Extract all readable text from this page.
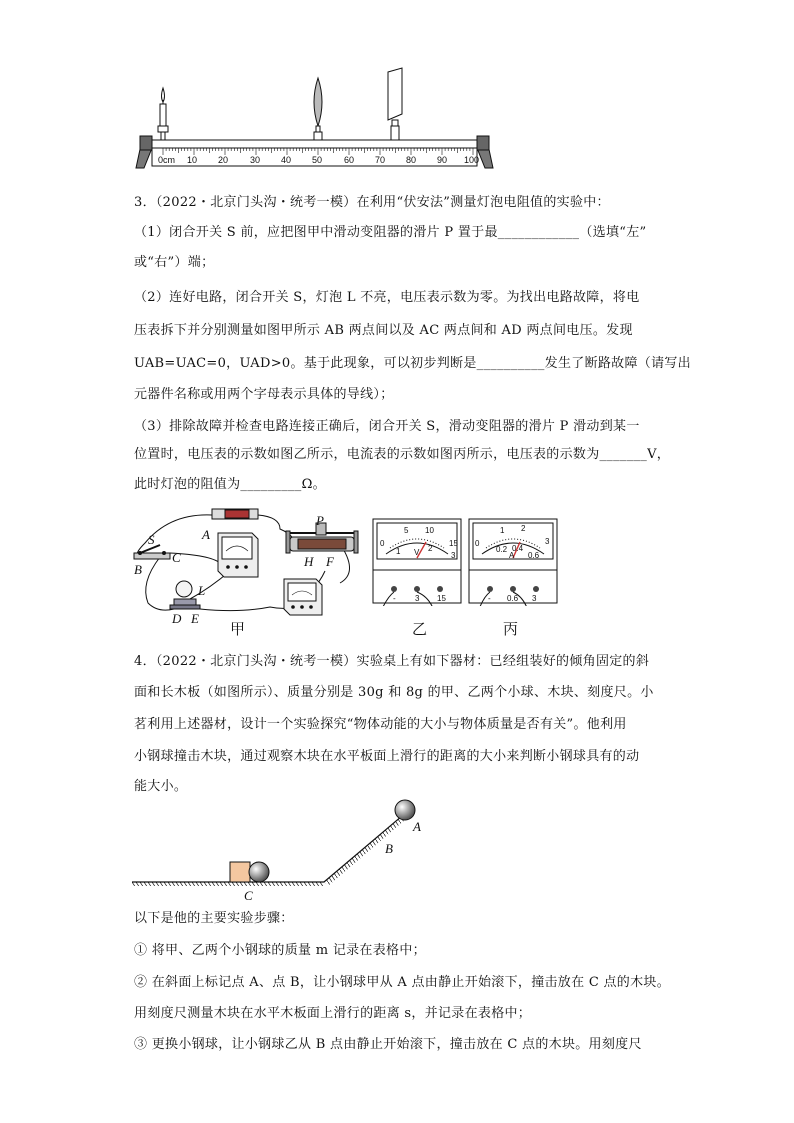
0cm 10 20 30 40 50 60 70 80 90 100
3．（2022・北京门头沟・统考一模）在利用“伏安法”测量灯泡电阻值的实验中：
（1）闭合开关 S 前，应把图甲中滑动变阻器的滑片 P 置于最____________（选填“左”
或“右”）端；
（2）连好电路，闭合开关 S，灯泡 L 不亮，电压表示数为零。为找出电路故障，将电
压表拆下并分别测量如图甲所示 AB 两点间以及 AC 两点间和 AD 两点间电压。发现
UAB=UAC=0，UAD>0。基于此现象，可以初步判断是__________发生了断路故障（请写出
元器件名称或用两个字母表示具体的导线）；
（3）排除故障并检查电路连接正确后，闭合开关 S，滑动变阻器的滑片 P 滑动到某一
位置时，电压表的示数如图乙所示，电流表的示数如图丙所示，电压表的示数为_______V，
此时灯泡的阻值为_________Ω。
A
B
C
S
L
D E
P
H F
甲
0
5 10
15
1	2
3
V
- 3 15
乙
0
1 2
3
0.2 0.4
0.6
A
- 0.6 3
丙
4．（2022・北京门头沟・统考一模）实验桌上有如下器材：已经组装好的倾角固定的斜
面和长木板（如图所示）、质量分别是 30g 和 8g 的甲、乙两个小球、木块、刻度尺。小
茗利用上述器材，设计一个实验探究“物体动能的大小与物体质量是否有关”。他利用
小钢球撞击木块，通过观察木块在水平板面上滑行的距离的大小来判断小钢球具有的动
能大小。
A
B
C
以下是他的主要实验步骤：
① 将甲、乙两个小钢球的质量 m 记录在表格中；
② 在斜面上标记点 A、点 B，让小钢球甲从 A 点由静止开始滚下，撞击放在 C 点的木块。
用刻度尺测量木块在水平木板面上滑行的距离 s，并记录在表格中；
③ 更换小钢球，让小钢球乙从 B 点由静止开始滚下，撞击放在 C 点的木块。用刻度尺
